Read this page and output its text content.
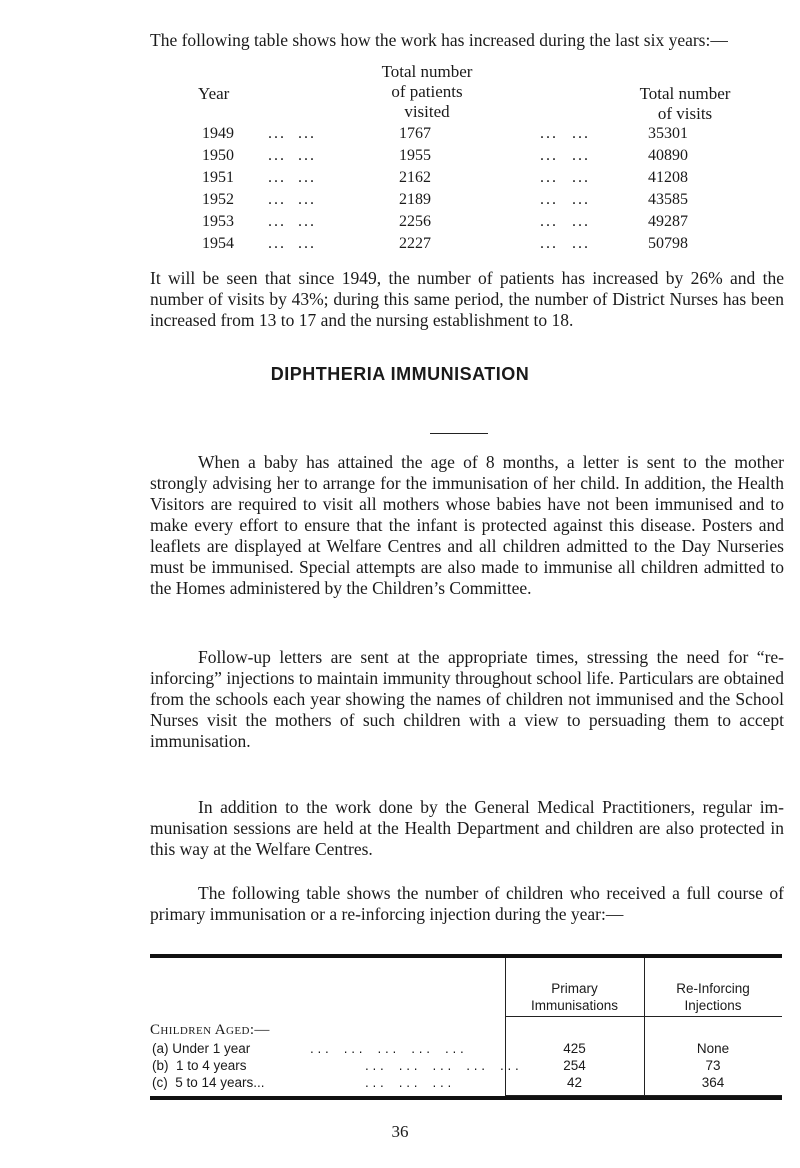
The following table shows how the work has increased during the last six years:—
Year
Total number
of patients
visited
Total number
of visits
1949 ... ...	1767	... ...	35301
1950 ... ...	1955	... ...	40890
1951 ... ...	2162	... ...	41208
1952 ... ...	2189	... ...	43585
1953 ... ...	2256	... ...	49287
1954 ... ...	2227	... ...	50798

It will be seen that since 1949, the number of patients has increased by 26% and the number of visits by 43%; during this same period, the number of District Nurses has been increased from 13 to 17 and the nursing establishment to 18.

DIPHTHERIA IMMUNISATION

When a baby has attained the age of 8 months, a letter is sent to the mother strongly advising her to arrange for the immunisation of her child. In addition, the Health Visitors are required to visit all mothers whose babies have not been immunised and to make every effort to ensure that the infant is protected against this disease. Posters and leaflets are displayed at Welfare Centres and all children admitted to the Day Nurseries must be immunised. Special attempts are also made to immunise all children admitted to the Homes administered by the Children’s Committee.

Follow-up letters are sent at the appropriate times, stressing the need for “re-inforcing” injections to maintain immunity throughout school life. Particulars are obtained from the schools each year showing the names of children not immunised and the School Nurses visit the mothers of such children with a view to persuading them to accept immunisation.

In addition to the work done by the General Medical Practitioners, regular im-munisation sessions are held at the Health Department and children are also protected in this way at the Welfare Centres.

The following table shows the number of children who received a full course of primary immunisation or a re-inforcing injection during the year:—

Primary
Immunisations
Re-Inforcing
Injections
Children Aged:—
(a) Under 1 year	. . .    . . .    . . .    . . .    . . .	425	None
36
(b)  1 to 4 years	. . .    . . .    . . .    . . .    . . .	254	73
(c)  5 to 14 years...	. . .    . . .    . . .	42	364
